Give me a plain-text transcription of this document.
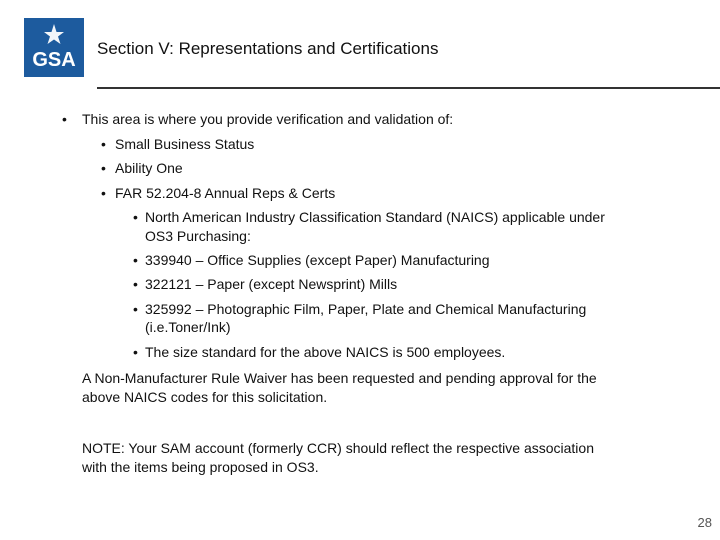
GSA
Section V: Representations and Certifications
• This area is where you provide verification and validation of:
• Small Business Status
• Ability One
• FAR 52.204-8 Annual Reps & Certs
• North American Industry Classification Standard (NAICS) applicable under
OS3 Purchasing:
• 339940 – Office Supplies (except Paper) Manufacturing
• 322121 – Paper (except Newsprint) Mills
• 325992 – Photographic Film, Paper, Plate and Chemical Manufacturing
(i.e.Toner/Ink)
• The size standard for the above NAICS is 500 employees.
A Non-Manufacturer Rule Waiver has been requested and pending approval for the
above NAICS codes for this solicitation.
NOTE: Your SAM account (formerly CCR) should reflect the respective association
with the items being proposed in OS3.
28
